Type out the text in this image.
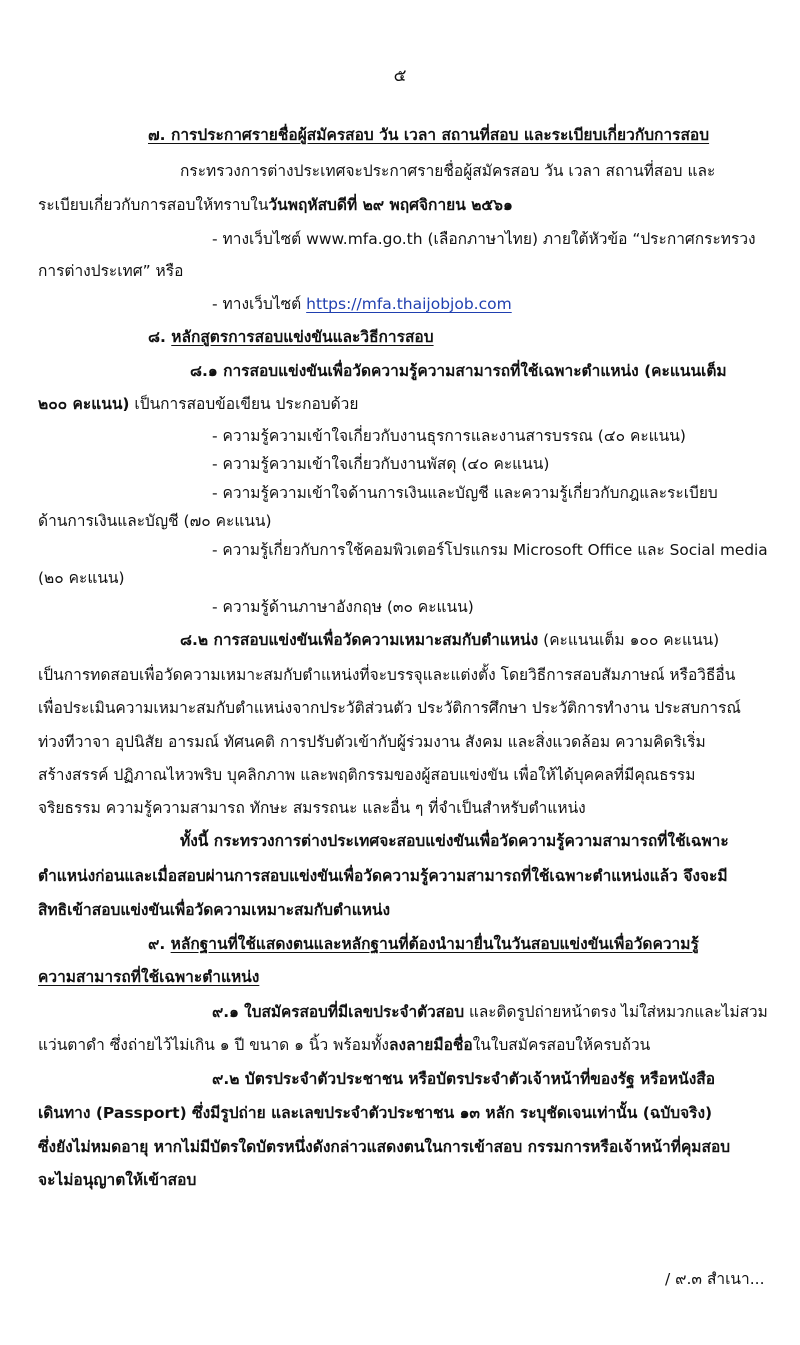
๕
๗. การประกาศรายชื่อผู้สมัครสอบ วัน เวลา สถานที่สอบ และระเบียบเกี่ยวกับการสอบ
กระทรวงการต่างประเทศจะประกาศรายชื่อผู้สมัครสอบ วัน เวลา สถานที่สอบ และ
ระเบียบเกี่ยวกับการสอบให้ทราบในวันพฤหัสบดีที่ ๒๙ พฤศจิกายน ๒๕๖๑
- ทางเว็บไซต์ www.mfa.go.th (เลือกภาษาไทย) ภายใต้หัวข้อ “ประกาศกระทรวง
การต่างประเทศ” หรือ
- ทางเว็บไซต์ https://mfa.thaijobjob.com
๘. หลักสูตรการสอบแข่งขันและวิธีการสอบ
๘.๑ การสอบแข่งขันเพื่อวัดความรู้ความสามารถที่ใช้เฉพาะตำแหน่ง (คะแนนเต็ม
๒๐๐ คะแนน) เป็นการสอบข้อเขียน ประกอบด้วย
- ความรู้ความเข้าใจเกี่ยวกับงานธุรการและงานสารบรรณ (๔๐ คะแนน)
- ความรู้ความเข้าใจเกี่ยวกับงานพัสดุ (๔๐ คะแนน)
- ความรู้ความเข้าใจด้านการเงินและบัญชี และความรู้เกี่ยวกับกฎและระเบียบ
ด้านการเงินและบัญชี (๗๐ คะแนน)
- ความรู้เกี่ยวกับการใช้คอมพิวเตอร์โปรแกรม Microsoft Office และ Social media
(๒๐ คะแนน)
- ความรู้ด้านภาษาอังกฤษ (๓๐ คะแนน)
๘.๒ การสอบแข่งขันเพื่อวัดความเหมาะสมกับตำแหน่ง (คะแนนเต็ม ๑๐๐ คะแนน)
เป็นการทดสอบเพื่อวัดความเหมาะสมกับตำแหน่งที่จะบรรจุและแต่งตั้ง โดยวิธีการสอบสัมภาษณ์ หรือวิธีอื่น
เพื่อประเมินความเหมาะสมกับตำแหน่งจากประวัติส่วนตัว ประวัติการศึกษา ประวัติการทำงาน ประสบการณ์
ท่วงทีวาจา อุปนิสัย อารมณ์ ทัศนคติ การปรับตัวเข้ากับผู้ร่วมงาน สังคม และสิ่งแวดล้อม ความคิดริเริ่ม
สร้างสรรค์ ปฏิภาณไหวพริบ บุคลิกภาพ และพฤติกรรมของผู้สอบแข่งขัน เพื่อให้ได้บุคคลที่มีคุณธรรม
จริยธรรม ความรู้ความสามารถ ทักษะ สมรรถนะ และอื่น ๆ ที่จำเป็นสำหรับตำแหน่ง
ทั้งนี้ กระทรวงการต่างประเทศจะสอบแข่งขันเพื่อวัดความรู้ความสามารถที่ใช้เฉพาะ
ตำแหน่งก่อนและเมื่อสอบผ่านการสอบแข่งขันเพื่อวัดความรู้ความสามารถที่ใช้เฉพาะตำแหน่งแล้ว จึงจะมี
สิทธิเข้าสอบแข่งขันเพื่อวัดความเหมาะสมกับตำแหน่ง
๙. หลักฐานที่ใช้แสดงตนและหลักฐานที่ต้องนำมายื่นในวันสอบแข่งขันเพื่อวัดความรู้
ความสามารถที่ใช้เฉพาะตำแหน่ง
๙.๑ ใบสมัครสอบที่มีเลขประจำตัวสอบ และติดรูปถ่ายหน้าตรง ไม่ใส่หมวกและไม่สวม
แว่นตาดำ ซึ่งถ่ายไว้ไม่เกิน ๑ ปี ขนาด ๑ นิ้ว พร้อมทั้งลงลายมือชื่อในใบสมัครสอบให้ครบถ้วน
๙.๒ บัตรประจำตัวประชาชน หรือบัตรประจำตัวเจ้าหน้าที่ของรัฐ หรือหนังสือ
เดินทาง (Passport) ซึ่งมีรูปถ่าย และเลขประจำตัวประชาชน ๑๓ หลัก ระบุชัดเจนเท่านั้น (ฉบับจริง)
ซึ่งยังไม่หมดอายุ หากไม่มีบัตรใดบัตรหนึ่งดังกล่าวแสดงตนในการเข้าสอบ กรรมการหรือเจ้าหน้าที่คุมสอบ
จะไม่อนุญาตให้เข้าสอบ
/ ๙.๓ สำเนา...
